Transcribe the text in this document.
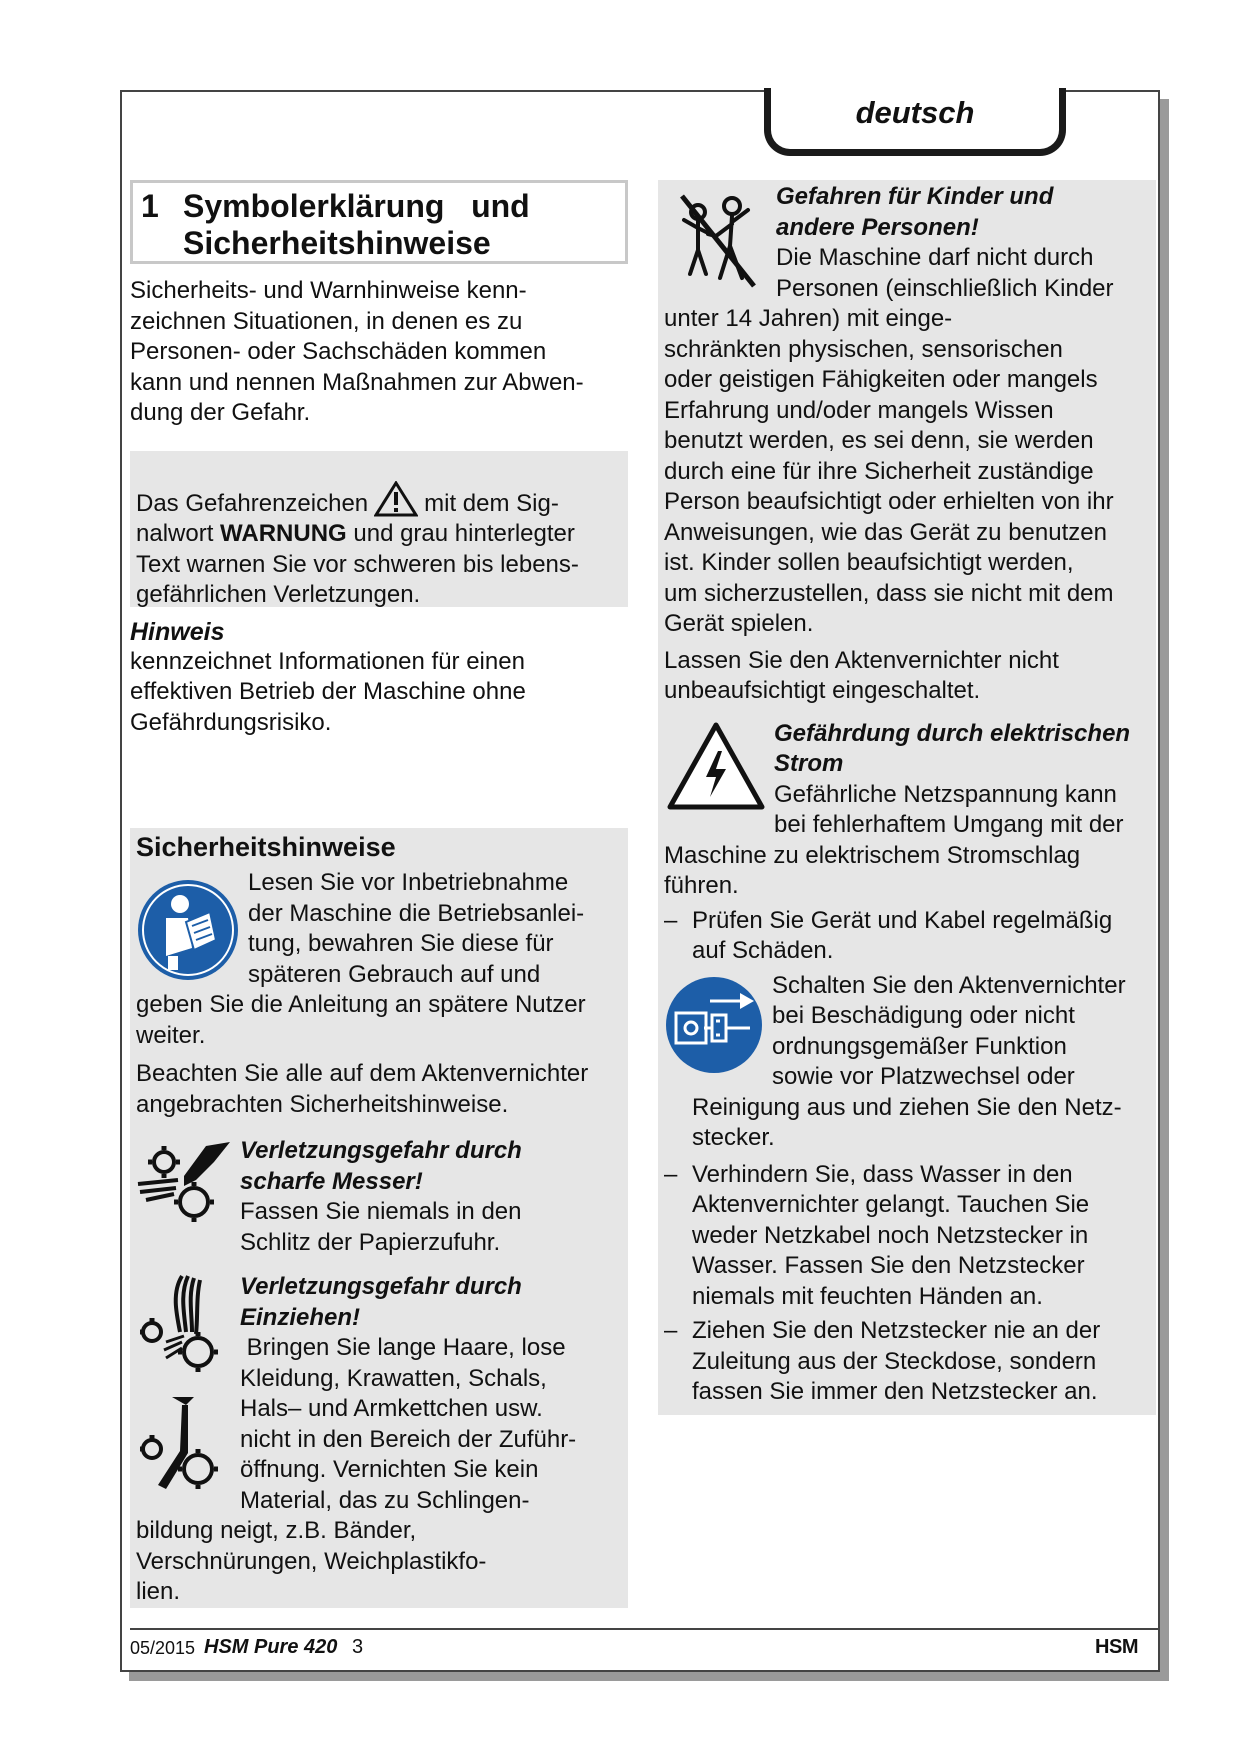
deutsch
1 Symbolerklärung   und
Sicherheitshinweise
Sicherheits- und Warnhinweise kenn-
zeichnen Situationen, in denen es zu
Personen- oder Sachschäden kommen
kann und nennen Maßnahmen zur Abwen-
dung der Gefahr.
Das Gefahrenzeichen mit dem Sig-
nalwort WARNUNG und grau hinterlegter
Text warnen Sie vor schweren bis lebens-
gefährlichen Verletzungen.
Hinweis
kennzeichnet Informationen für einen
effektiven Betrieb der Maschine ohne
Gefährdungsrisiko.
Sicherheitshinweise
Lesen Sie vor Inbetriebnahme
der Maschine die Betriebsanlei-
tung, bewahren Sie diese für
späteren Gebrauch auf und
geben Sie die Anleitung an spätere Nutzer
weiter.
Beachten Sie alle auf dem Aktenvernichter
angebrachten Sicherheitshinweise.
Verletzungsgefahr durch
scharfe Messer!
Fassen Sie niemals in den
Schlitz der Papierzufuhr.

Verletzungsgefahr durch
Einziehen!
Bringen Sie lange Haare, lose
Kleidung, Krawatten, Schals,
Hals– und Armkettchen usw.
nicht in den Bereich der Zuführ-
öffnung. Vernichten Sie kein
Material, das zu Schlingen-
bildung neigt, z.B. Bänder,
Verschnürungen, Weichplastikfo-
lien.
Gefahren für Kinder und
andere Personen!
Die Maschine darf nicht durch
Personen (einschließlich Kinder
unter 14 Jahren) mit einge-
schränkten physischen, sensorischen
oder geistigen Fähigkeiten oder mangels
Erfahrung und/oder mangels Wissen
benutzt werden, es sei denn, sie werden
durch eine für ihre Sicherheit zuständige
Person beaufsichtigt oder erhielten von ihr
Anweisungen, wie das Gerät zu benutzen
ist. Kinder sollen beaufsichtigt werden,
um sicherzustellen, dass sie nicht mit dem
Gerät spielen.
Lassen Sie den Aktenvernichter nicht
unbeaufsichtigt eingeschaltet.
Gefährdung durch elektrischen
Strom
Gefährliche Netzspannung kann
bei fehlerhaftem Umgang mit der
Maschine zu elektrischem Stromschlag
führen.
– Prüfen Sie Gerät und Kabel regelmäßig
auf Schäden.
Schalten Sie den Aktenvernichter
bei Beschädigung oder nicht
ordnungsgemäßer Funktion
sowie vor Platzwechsel oder
Reinigung aus und ziehen Sie den Netz-
stecker.
– Verhindern Sie, dass Wasser in den
Aktenvernichter gelangt. Tauchen Sie
weder Netzkabel noch Netzstecker in
Wasser. Fassen Sie den Netzstecker
niemals mit feuchten Händen an.
– Ziehen Sie den Netzstecker nie an der
Zuleitung aus der Steckdose, sondern
fassen Sie immer den Netzstecker an.
05/2015 HSM Pure 420 3	HSM
